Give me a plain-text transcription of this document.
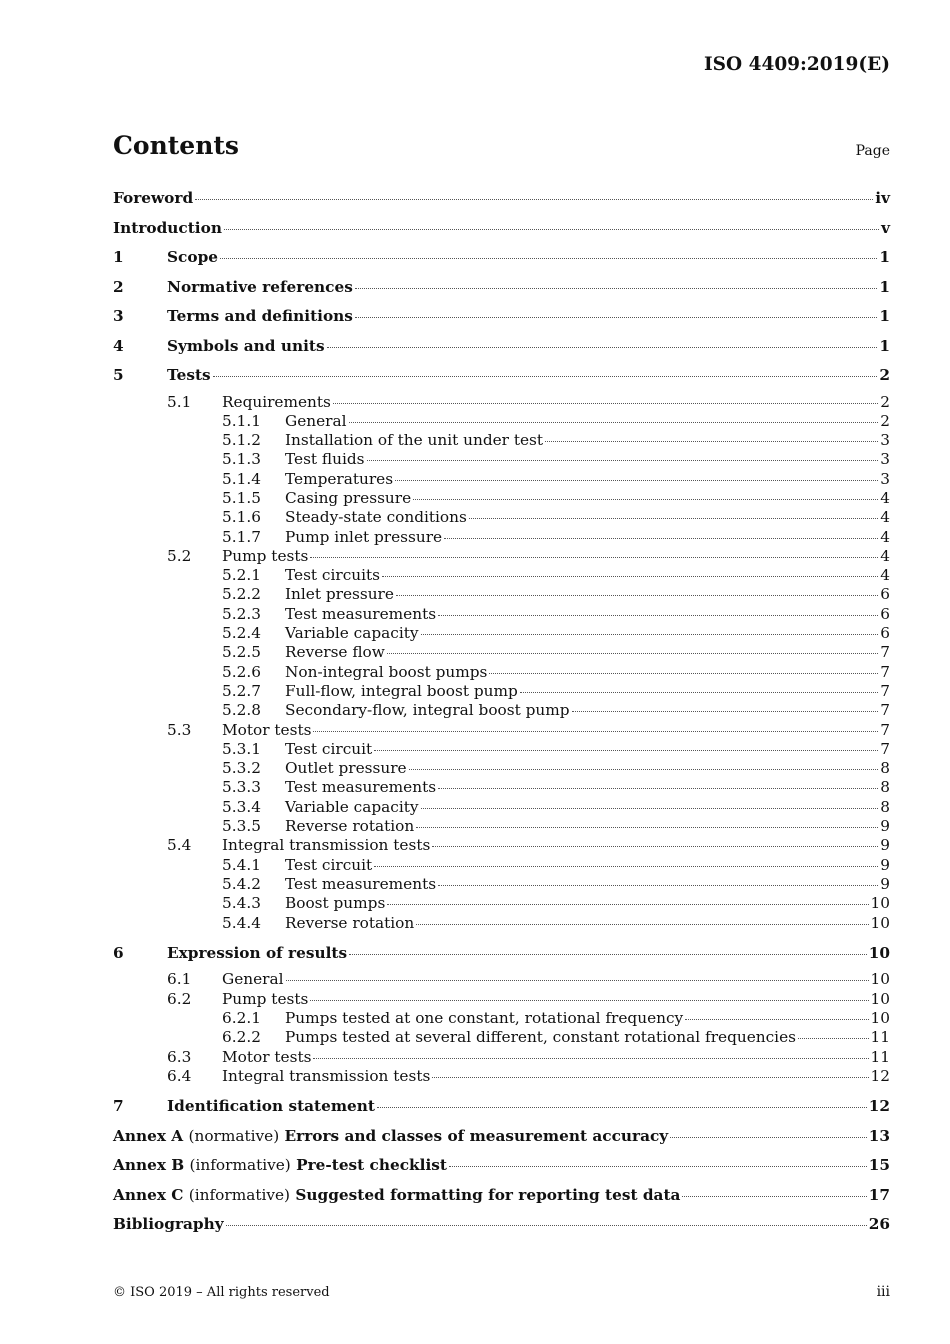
ISO 4409:2019(E)
Contents	Page
Foreword	iv
Introduction	v
1	Scope	1
2	Normative references	1
3	Terms and definitions	1
4	Symbols and units	1
5	Tests	2
5.1	Requirements	2
5.1.1	General	2
5.1.2	Installation of the unit under test	3
5.1.3	Test fluids	3
5.1.4	Temperatures	3
5.1.5	Casing pressure	4
5.1.6	Steady-state conditions	4
5.1.7	Pump inlet pressure	4
5.2	Pump tests	4
5.2.1	Test circuits	4
5.2.2	Inlet pressure	6
5.2.3	Test measurements	6
5.2.4	Variable capacity	6
5.2.5	Reverse flow	7
5.2.6	Non-integral boost pumps	7
5.2.7	Full-flow, integral boost pump	7
5.2.8	Secondary-flow, integral boost pump	7
5.3	Motor tests	7
5.3.1	Test circuit	7
5.3.2	Outlet pressure	8
5.3.3	Test measurements	8
5.3.4	Variable capacity	8
5.3.5	Reverse rotation	9
5.4	Integral transmission tests	9
5.4.1	Test circuit	9
5.4.2	Test measurements	9
5.4.3	Boost pumps	10
5.4.4	Reverse rotation	10
6	Expression of results	10
6.1	General	10
6.2	Pump tests	10
6.2.1	Pumps tested at one constant, rotational frequency	10
6.2.2	Pumps tested at several different, constant rotational frequencies	11
6.3	Motor tests	11
6.4	Integral transmission tests	12
7	Identification statement	12
Annex A (normative) Errors and classes of measurement accuracy	13
Annex B (informative) Pre-test checklist	15
Annex C (informative) Suggested formatting for reporting test data	17
Bibliography	26
© ISO 2019 – All rights reserved	iii
